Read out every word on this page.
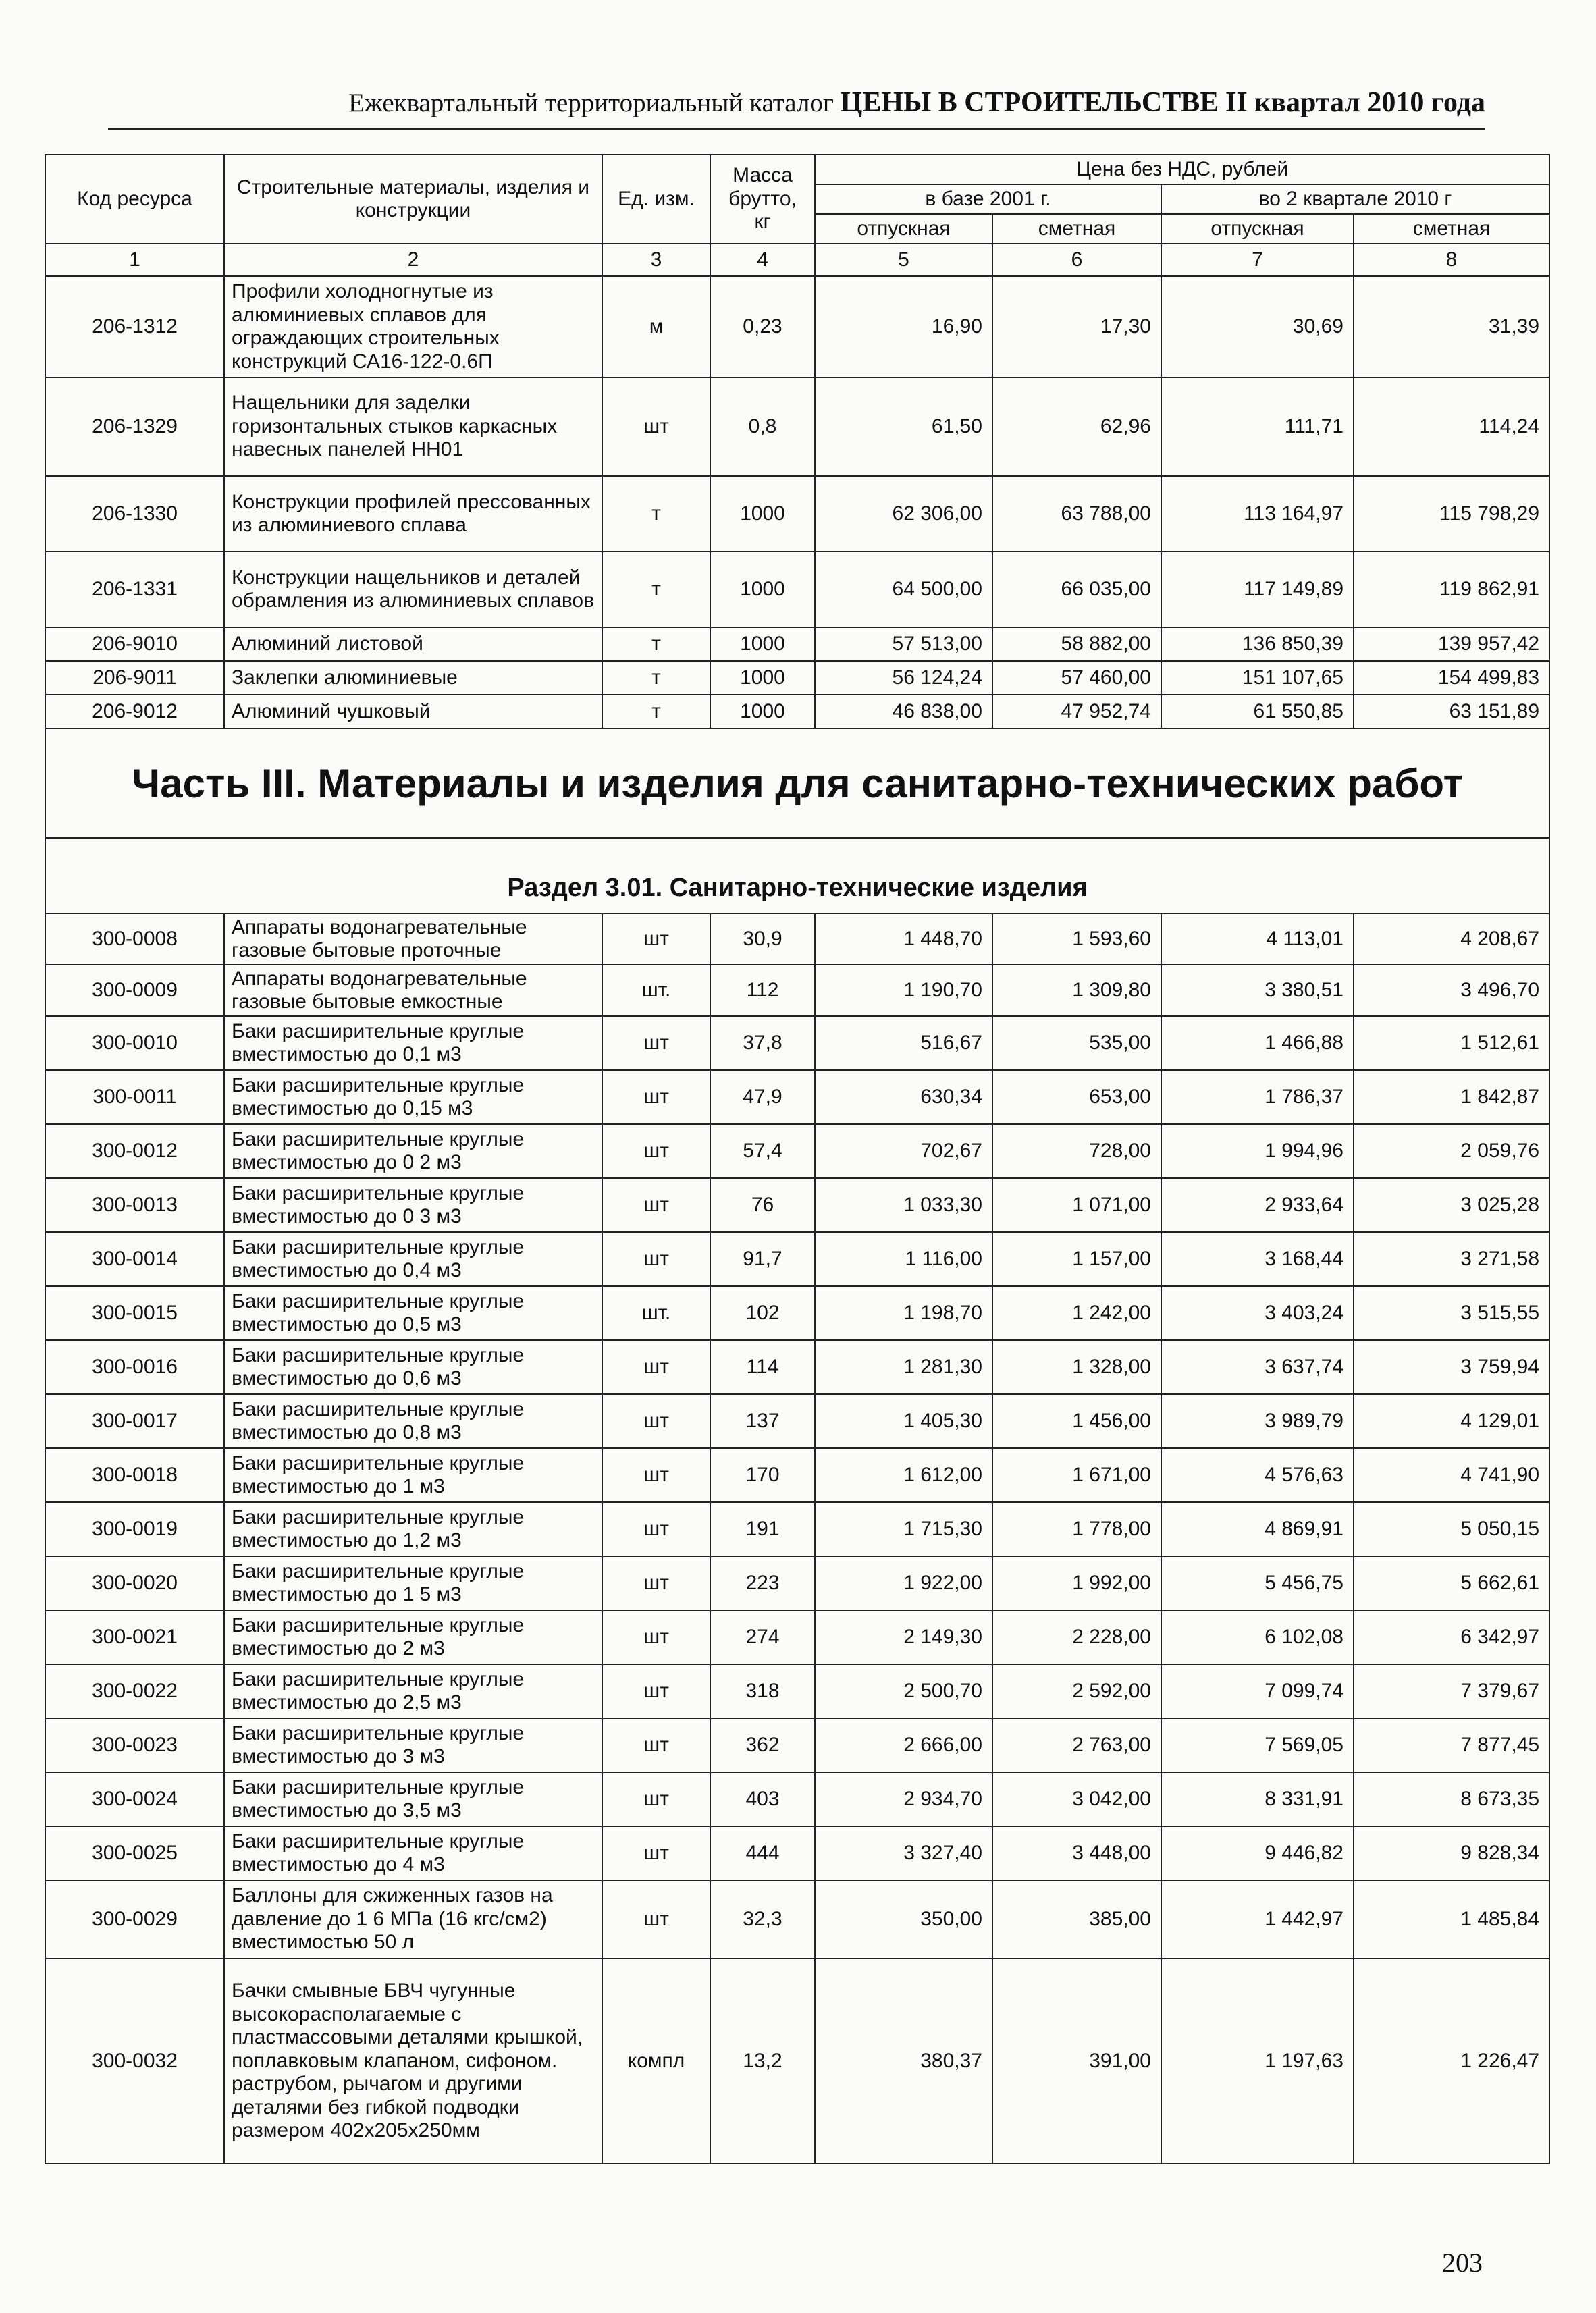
Ежеквартальный территориальный каталог ЦЕНЫ В СТРОИТЕЛЬСТВЕ II квартал 2010 года
Код ресурса	Строительные материалы, изделия и конструкции	Ед. изм.	Масса брутто, кг	Цена без НДС, рублей			
				в базе 2001 г.		во 2 квартале 2010 г	
				отпускная	сметная	отпускная	сметная
1	2	3	4	5	6	7	8
206-1312	Профили холодногнутые из алюминиевых сплавов для ограждающих строительных конструкций СА16-122-0.6П	м	0,23	16,90	17,30	30,69	31,39
206-1329	Нащельники для заделки горизонтальных стыков каркасных навесных панелей НН01	шт	0,8	61,50	62,96	111,71	114,24
206-1330	Конструкции профилей прессованных из алюминиевого сплава	т	1000	62 306,00	63 788,00	113 164,97	115 798,29
206-1331	Конструкции нащельников и деталей обрамления из алюминиевых сплавов	т	1000	64 500,00	66 035,00	117 149,89	119 862,91
206-9010	Алюминий листовой	т	1000	57 513,00	58 882,00	136 850,39	139 957,42
206-9011	Заклепки алюминиевые	т	1000	56 124,24	57 460,00	151 107,65	154 499,83
206-9012	Алюминий чушковый	т	1000	46 838,00	47 952,74	61 550,85	63 151,89
Часть III. Материалы и изделия для санитарно-технических работ							
Раздел 3.01. Санитарно-технические изделия							
300-0008	Аппараты водонагревательные газовые бытовые проточные	шт	30,9	1 448,70	1 593,60	4 113,01	4 208,67
300-0009	Аппараты водонагревательные газовые бытовые емкостные	шт.	112	1 190,70	1 309,80	3 380,51	3 496,70
300-0010	Баки расширительные круглые вместимостью до 0,1 м3	шт	37,8	516,67	535,00	1 466,88	1 512,61
300-0011	Баки расширительные круглые вместимостью до 0,15 м3	шт	47,9	630,34	653,00	1 786,37	1 842,87
300-0012	Баки расширительные круглые вместимостью до 0 2 м3	шт	57,4	702,67	728,00	1 994,96	2 059,76
300-0013	Баки расширительные круглые вместимостью до 0 3 м3	шт	76	1 033,30	1 071,00	2 933,64	3 025,28
300-0014	Баки расширительные круглые вместимостью до 0,4 м3	шт	91,7	1 116,00	1 157,00	3 168,44	3 271,58
300-0015	Баки расширительные круглые вместимостью до 0,5 м3	шт.	102	1 198,70	1 242,00	3 403,24	3 515,55
300-0016	Баки расширительные круглые вместимостью до 0,6 м3	шт	114	1 281,30	1 328,00	3 637,74	3 759,94
300-0017	Баки расширительные круглые вместимостью до 0,8 м3	шт	137	1 405,30	1 456,00	3 989,79	4 129,01
300-0018	Баки расширительные круглые вместимостью до 1 м3	шт	170	1 612,00	1 671,00	4 576,63	4 741,90
300-0019	Баки расширительные круглые вместимостью до 1,2 м3	шт	191	1 715,30	1 778,00	4 869,91	5 050,15
300-0020	Баки расширительные круглые вместимостью до 1 5 м3	шт	223	1 922,00	1 992,00	5 456,75	5 662,61
300-0021	Баки расширительные круглые вместимостью до 2 м3	шт	274	2 149,30	2 228,00	6 102,08	6 342,97
300-0022	Баки расширительные круглые вместимостью до 2,5 м3	шт	318	2 500,70	2 592,00	7 099,74	7 379,67
300-0023	Баки расширительные круглые вместимостью до 3 м3	шт	362	2 666,00	2 763,00	7 569,05	7 877,45
300-0024	Баки расширительные круглые вместимостью до 3,5 м3	шт	403	2 934,70	3 042,00	8 331,91	8 673,35
300-0025	Баки расширительные круглые вместимостью до 4 м3	шт	444	3 327,40	3 448,00	9 446,82	9 828,34
300-0029	Баллоны для сжиженных газов на давление до 1 6 МПа (16 кгс/см2) вместимостью 50 л	шт	32,3	350,00	385,00	1 442,97	1 485,84
300-0032	Бачки смывные БВЧ чугунные высокорасполагаемые с пластмассовыми деталями крышкой, поплавковым клапаном, сифоном. раструбом, рычагом и другими деталями без гибкой подводки размером 402х205х250мм	компл	13,2	380,37	391,00	1 197,63	1 226,47
203
